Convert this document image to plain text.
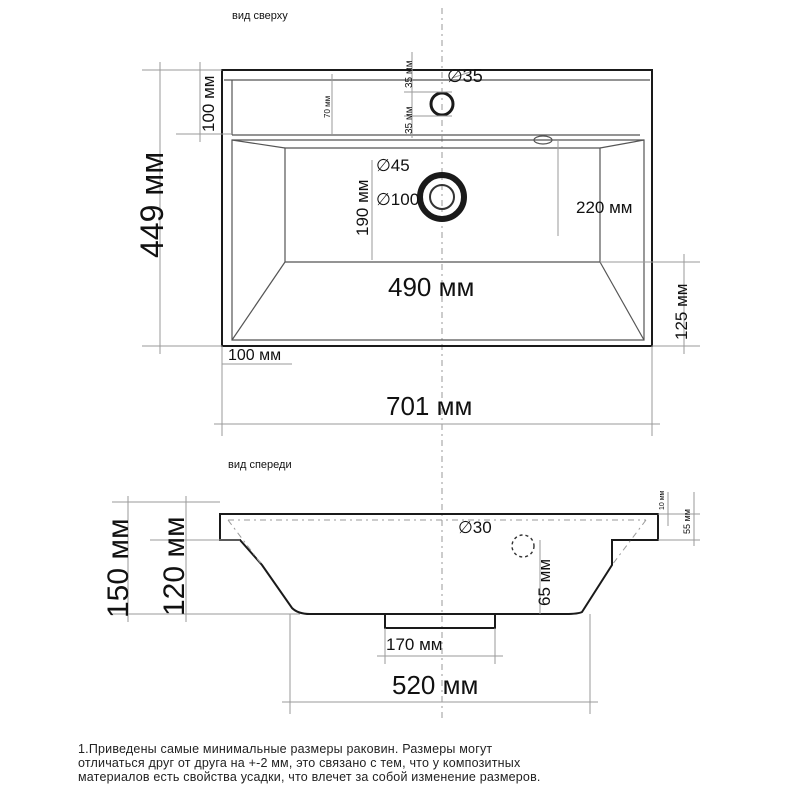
вид сверху
449 мм
100 мм	70 мм
35 мм
35 мм
∅35
190 мм
∅45
∅100	220 мм
490 мм	125 мм
100 мм
701 мм
вид спереди
∅30
150 мм 120 мм
10 мм
55 мм
65 мм
170 мм
520 мм
1.Приведены самые минимальные размеры раковин. Размеры могут
отличаться друг от друга на +-2 мм, это связано с тем, что у композитных
материалов есть свойства усадки, что влечет за собой изменение размеров.
